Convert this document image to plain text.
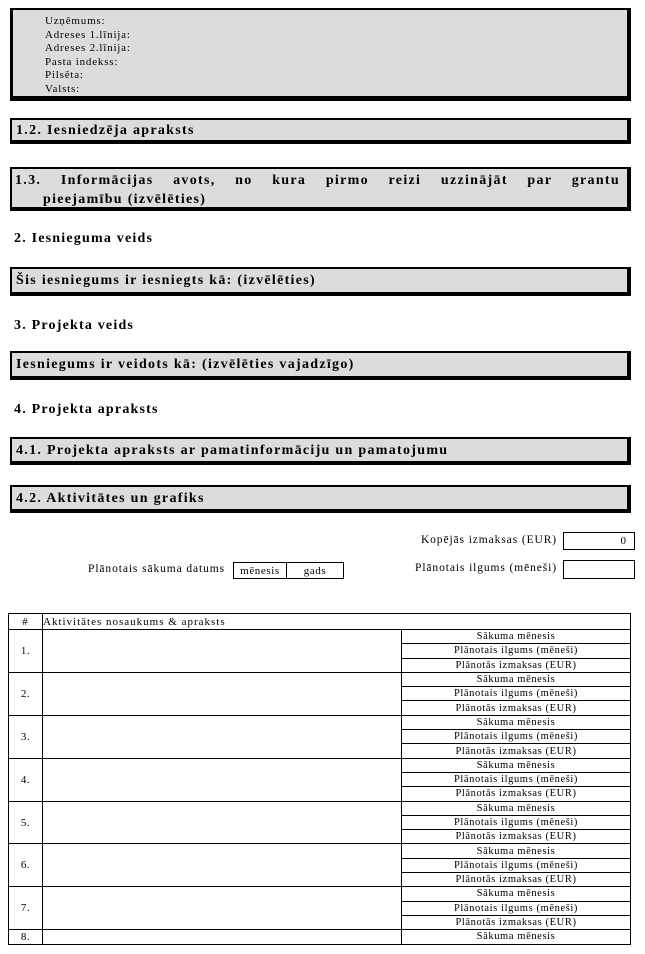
Uzņēmums:
Adreses 1.līnija:
Adreses 2.līnija:
Pasta indekss:
Pilsēta:
Valsts:
1.2. Iesniedzēja apraksts
1.3. Informācijas avots, no kura pirmo reizi uzzinājāt par grantu
pieejamību (izvēlēties)
2. Iesnieguma veids
Šis iesniegums ir iesniegts kā: (izvēlēties)
3. Projekta veids
Iesniegums ir veidots kā: (izvēlēties vajadzīgo)
4. Projekta apraksts
4.1. Projekta apraksts ar pamatinformāciju un pamatojumu
4.2. Aktivitātes un grafiks
Kopējās izmaksas (EUR)	0
Plānotais sākuma datums	mēnesis	gads	Plānotais ilgums (mēneši)
#	Aktivitātes nosaukums & apraksts	
1.		Sākuma mēnesis
		Plānotais ilgums (mēneši)
		Plānotās izmaksas (EUR)
2.		Sākuma mēnesis
		Plānotais ilgums (mēneši)
		Plānotās izmaksas (EUR)
3.		Sākuma mēnesis
		Plānotais ilgums (mēneši)
		Plānotās izmaksas (EUR)
4.		Sākuma mēnesis
		Plānotais ilgums (mēneši)
		Plānotās izmaksas (EUR)
5.		Sākuma mēnesis
		Plānotais ilgums (mēneši)
		Plānotās izmaksas (EUR)
6.		Sākuma mēnesis
		Plānotais ilgums (mēneši)
		Plānotās izmaksas (EUR)
7.		Sākuma mēnesis
		Plānotais ilgums (mēneši)
		Plānotās izmaksas (EUR)
8.		Sākuma mēnesis
